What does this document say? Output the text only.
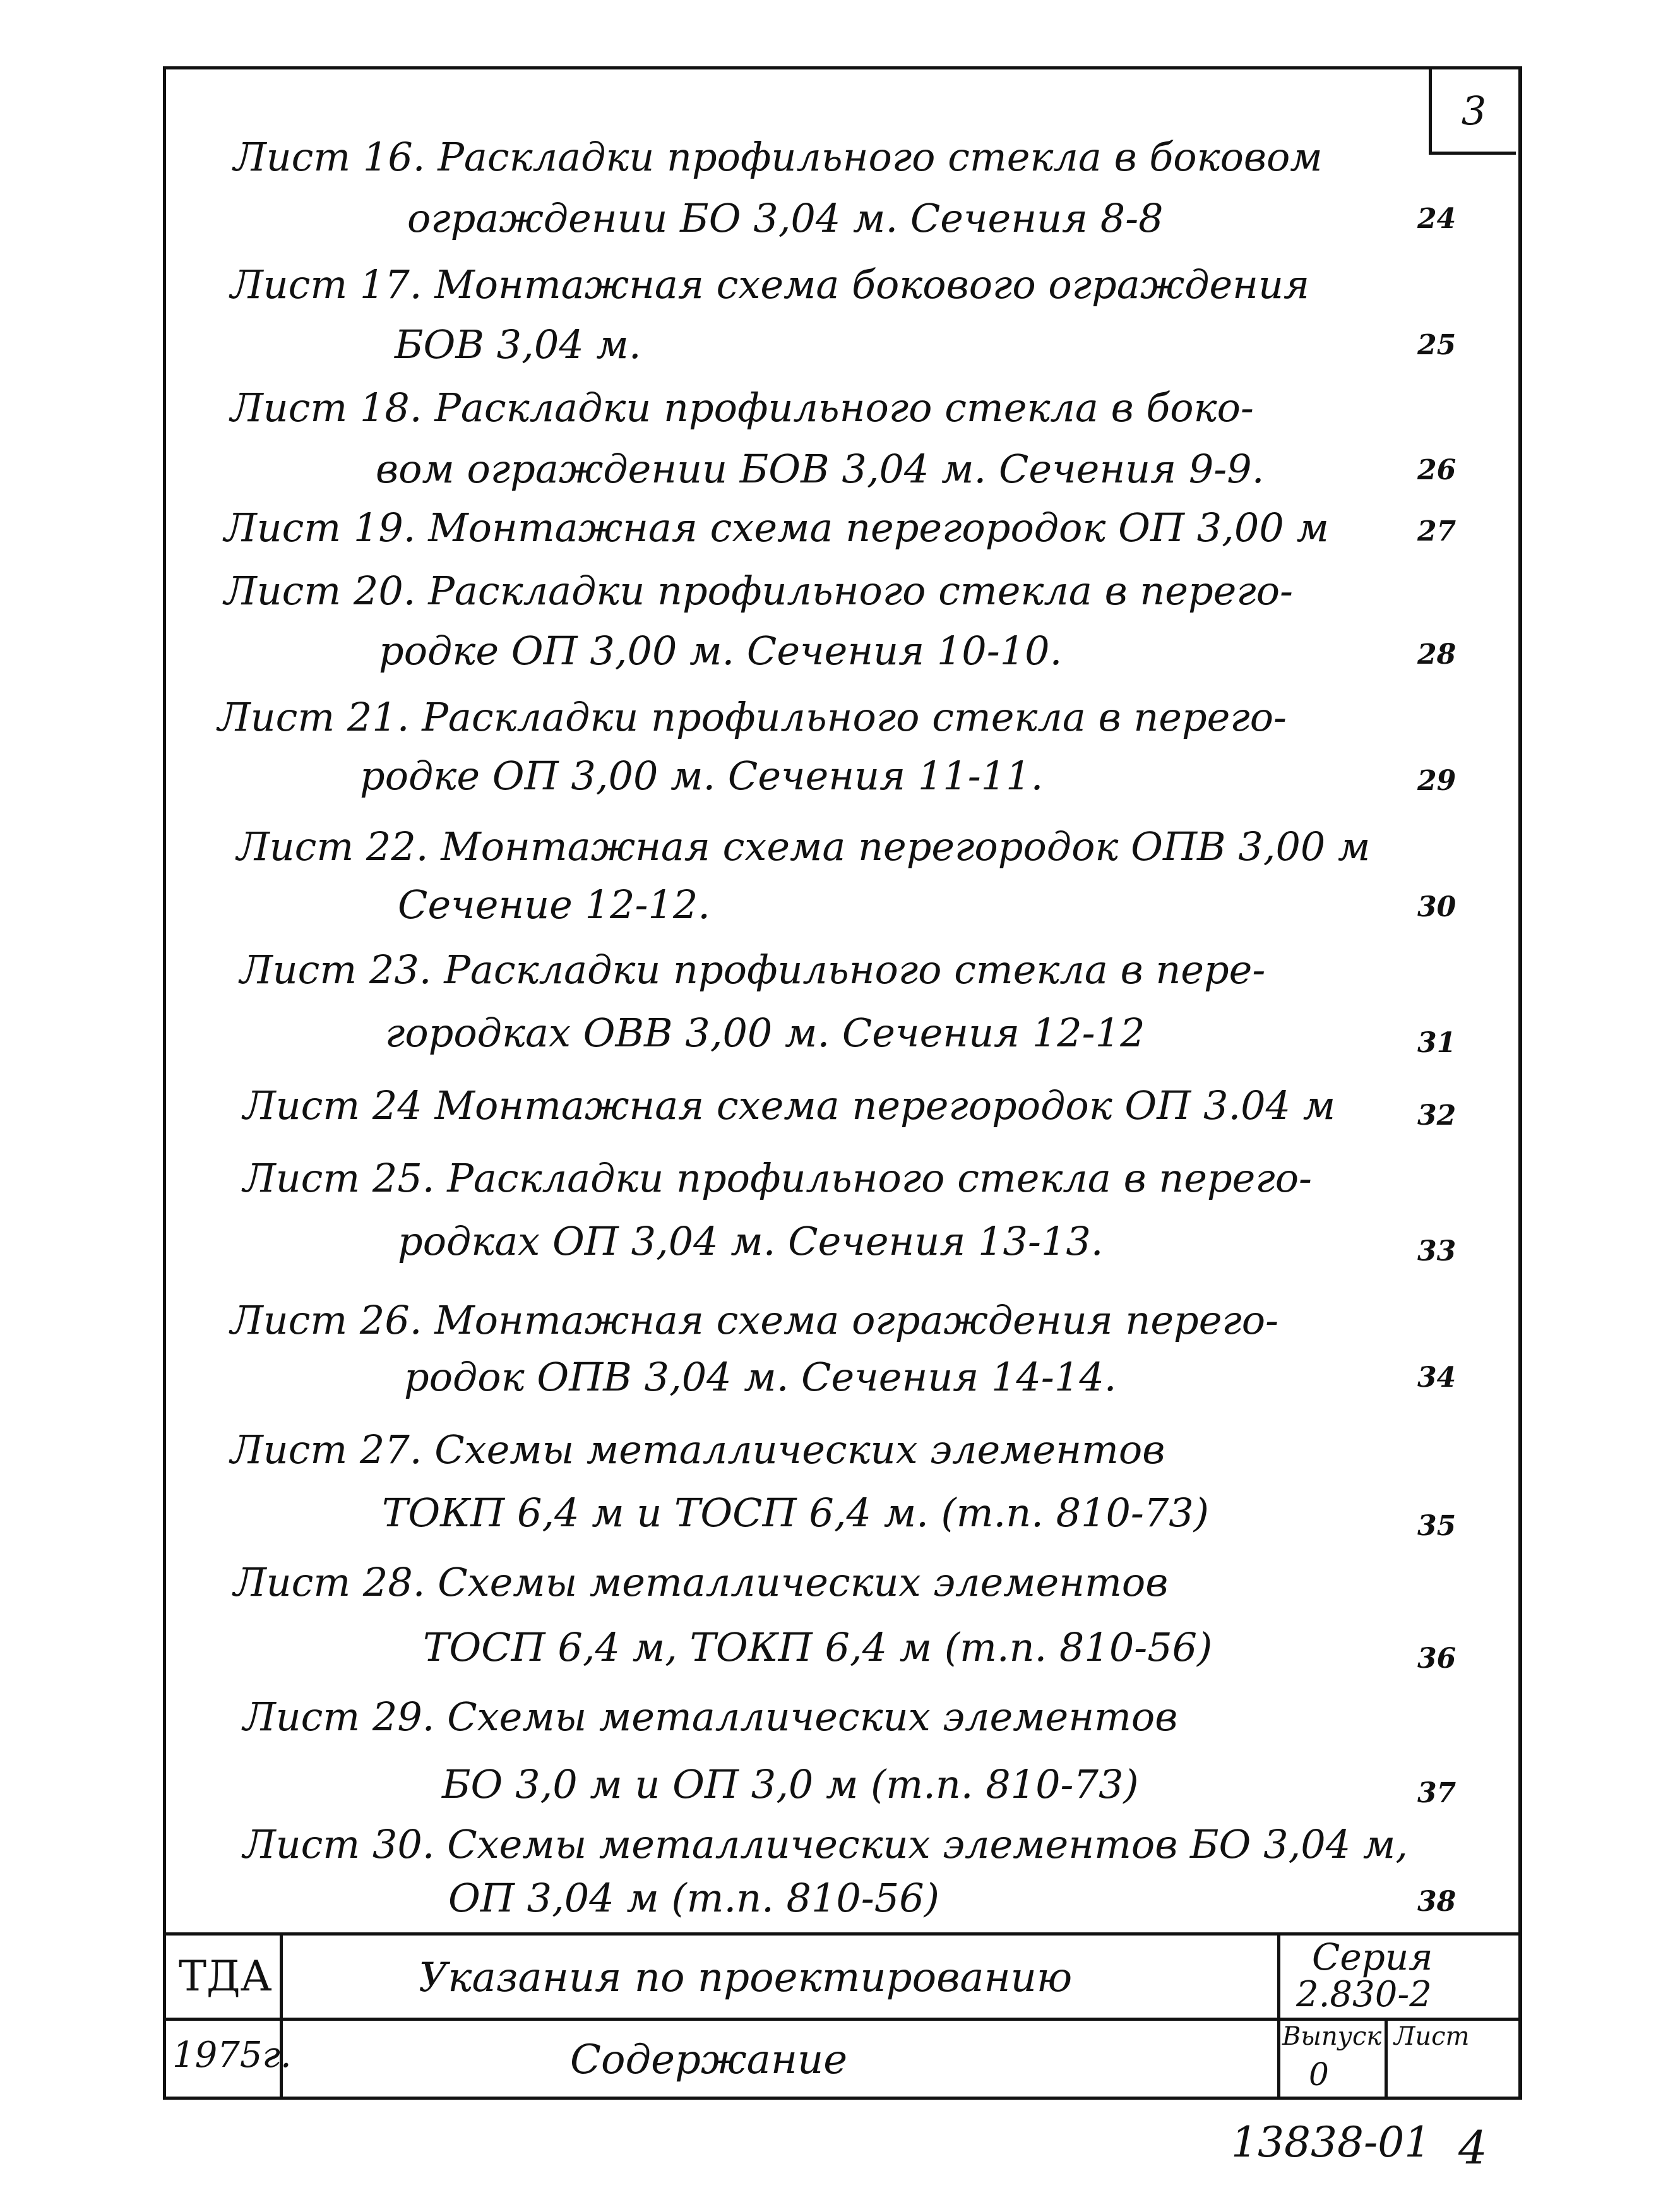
3
Лист 16. Раскладки профильного стекла в боковом
ограждении БО 3,04 м. Сечения 8-8	24
Лист 17. Монтажная схема бокового ограждения
БОВ 3,04 м.	25
Лист 18. Раскладки профильного стекла в боко-
вом ограждении БОВ 3,04 м. Сечения 9-9.	26
Лист 19. Монтажная схема перегородок ОП 3,00 м	27
Лист 20. Раскладки профильного стекла в перего-
родке ОП 3,00 м. Сечения 10-10.	28
Лист 21. Раскладки профильного стекла в перего-
родке ОП 3,00 м. Сечения 11-11.	29
Лист 22. Монтажная схема перегородок ОПВ 3,00 м
Сечение 12-12.	30
Лист 23. Раскладки профильного стекла в пере-
городках ОВВ 3,00 м. Сечения 12-12	31
Лист 24 Монтажная схема перегородок ОП 3.04 м	32
Лист 25. Раскладки профильного стекла в перего-
родках ОП 3,04 м. Сечения 13-13.	33
Лист 26. Монтажная схема ограждения перего-
родок ОПВ 3,04 м. Сечения 14-14.	34
Лист 27. Схемы металлических элементов
ТОКП 6,4 м и ТОСП 6,4 м. (т.п. 810-73)	35
Лист 28. Схемы металлических элементов
ТОСП 6,4 м, ТОКП 6,4 м (т.п. 810-56)	36
Лист 29. Схемы металлических элементов
БО 3,0 м и ОП 3,0 м (т.п. 810-73)	37
Лист 30. Схемы металлических элементов БО 3,04 м,
ОП 3,04 м (т.п. 810-56)	38
ТДА
1975г.
Указания по проектированию
Содержание
Серия
2.830-2
Выпуск
0
Лист
13838-01 4
